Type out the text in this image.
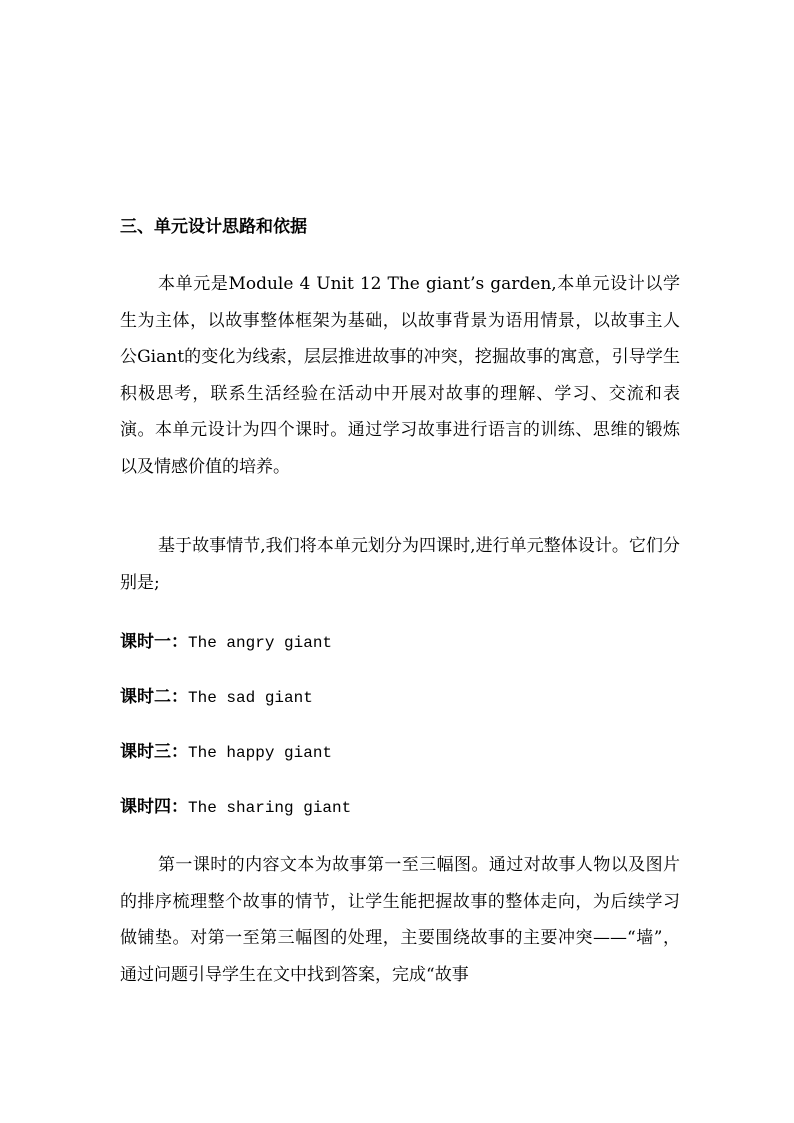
三、单元设计思路和依据
本单元是Module 4 Unit 12 The giant’s garden,本单元设计以学生为主体，以故事整体框架为基础，以故事背景为语用情景，以故事主人公Giant的变化为线索，层层推进故事的冲突，挖掘故事的寓意，引导学生积极思考，联系生活经验在活动中开展对故事的理解、学习、交流和表演。本单元设计为四个课时。通过学习故事进行语言的训练、思维的锻炼以及情感价值的培养。
基于故事情节,我们将本单元划分为四课时,进行单元整体设计。它们分别是;
课时一：The angry giant
课时二：The sad giant
课时三：The happy giant
课时四：The sharing giant
第一课时的内容文本为故事第一至三幅图。通过对故事人物以及图片的排序梳理整个故事的情节，让学生能把握故事的整体走向，为后续学习做铺垫。对第一至第三幅图的处理，主要围绕故事的主要冲突——“墙”，通过问题引导学生在文中找到答案，完成“故事
